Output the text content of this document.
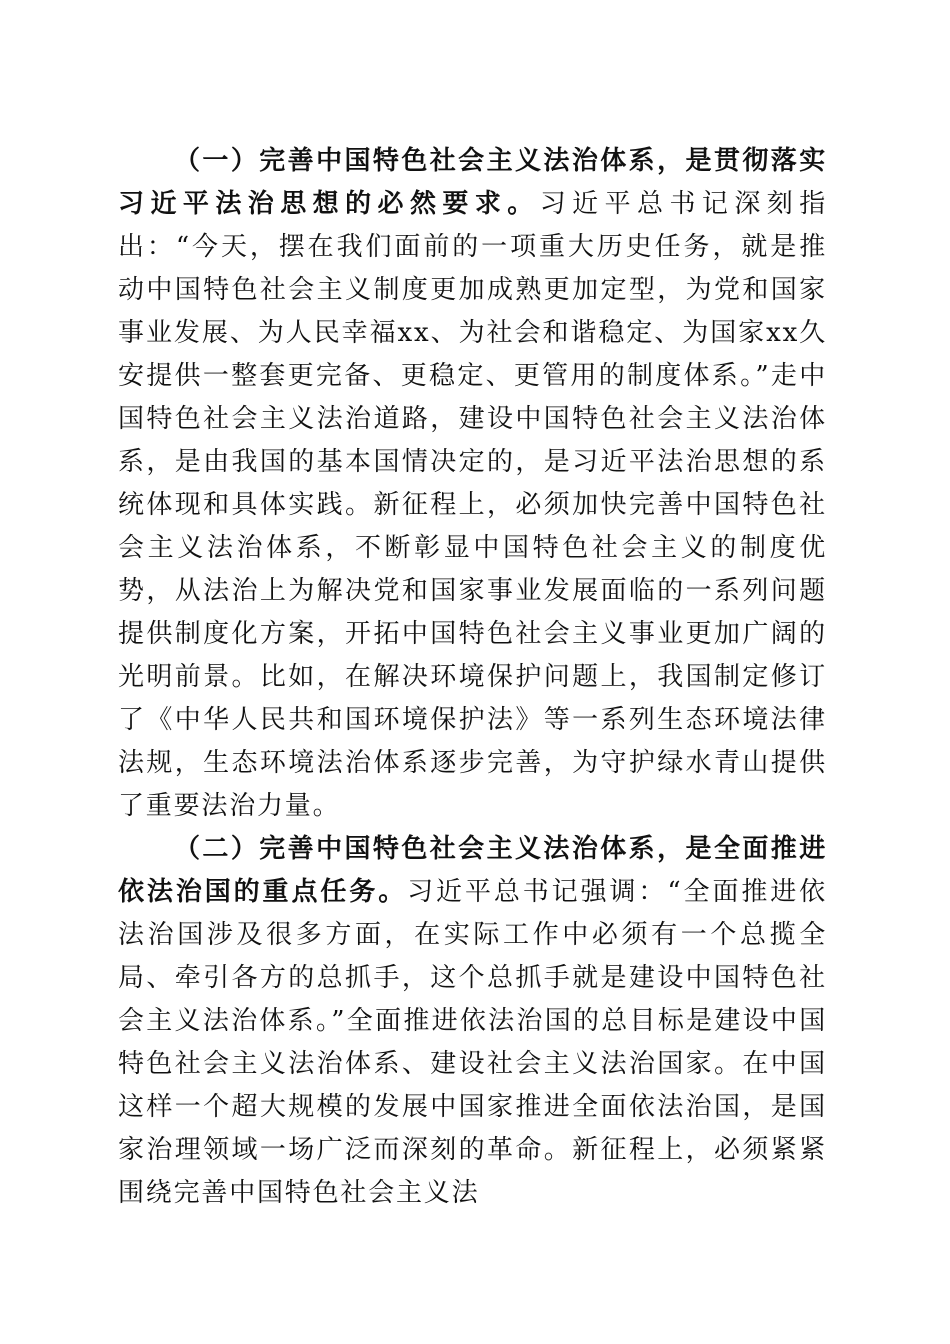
（一）完善中国特色社会主义法治体系，是贯彻落实习近平法治思想的必然要求。习近平总书记深刻指出：“今天，摆在我们面前的一项重大历史任务，就是推动中国特色社会主义制度更加成熟更加定型，为党和国家事业发展、为人民幸福xx、为社会和谐稳定、为国家xx久安提供一整套更完备、更稳定、更管用的制度体系。”走中国特色社会主义法治道路，建设中国特色社会主义法治体系，是由我国的基本国情决定的，是习近平法治思想的系统体现和具体实践。新征程上，必须加快完善中国特色社会主义法治体系，不断彰显中国特色社会主义的制度优势，从法治上为解决党和国家事业发展面临的一系列问题提供制度化方案，开拓中国特色社会主义事业更加广阔的光明前景。比如，在解决环境保护问题上，我国制定修订了《中华人民共和国环境保护法》等一系列生态环境法律法规，生态环境法治体系逐步完善，为守护绿水青山提供了重要法治力量。

（二）完善中国特色社会主义法治体系，是全面推进依法治国的重点任务。习近平总书记强调：“全面推进依法治国涉及很多方面，在实际工作中必须有一个总揽全局、牵引各方的总抓手，这个总抓手就是建设中国特色社会主义法治体系。”全面推进依法治国的总目标是建设中国特色社会主义法治体系、建设社会主义法治国家。在中国这样一个超大规模的发展中国家推进全面依法治国，是国家治理领域一场广泛而深刻的革命。新征程上，必须紧紧围绕完善中国特色社会主义法
